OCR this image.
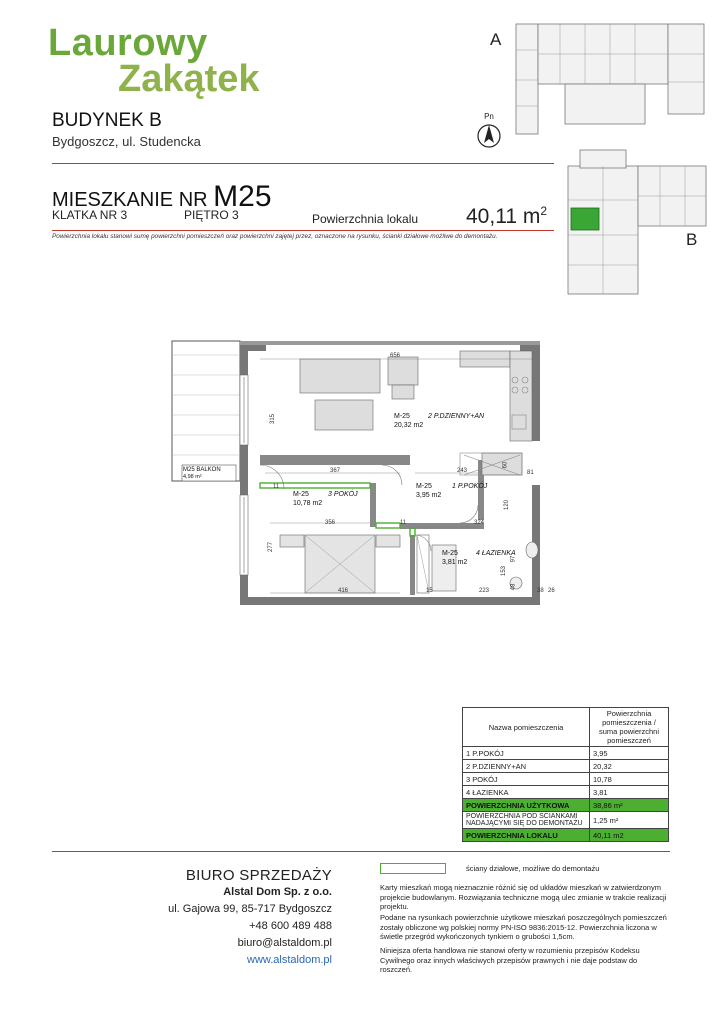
Laurowy
Zakątek
BUDYNEK B
Bydgoszcz, ul. Studencka
Pn
A
B
MIESZKANIE NR M25
KLATKA NR 3	PIĘTRO 3	Powierzchnia lokalu 40,11 $m^2$
Powierzchnia lokalu stanowi sumę powierzchni pomieszczeń oraz powierzchni zajętej przez, oznaczone na rysunku, ścianki działowe możliwe do demontażu.
M25 BALKON
4,98 m²
M-25	2 P.DZIENNY+AN
20,32 m2
M-25	1 P.POKÓJ
3,95 m2
M-25	3 POKÓJ
10,78 m2
M-25	4 ŁAZIENKA
3,81 m2
656
315
367	243
60
81
11
11
356
277
324
120
153
97
48
416	15	223	38 26
Nazwa pomieszczenia	Powierzchnia pomieszczenia / suma powierzchni pomieszczeń
1 P.POKÓJ	3,95
2 P.DZIENNY+AN	20,32
3 POKÓJ	10,78
4 ŁAZIENKA	3,81
POWIERZCHNIA UŻYTKOWA	38,86 m²
POWIERZCHNIA POD ŚCIANKAMI NADAJĄCYMI SIĘ DO DEMONTAŻU	1,25 m²
POWIERZCHNIA LOKALU	40,11 m2
BIURO SPRZEDAŻY
Alstal Dom Sp. z o.o.
ul. Gajowa 99, 85-717 Bydgoszcz
+48 600 489 488
biuro@alstaldom.pl
www.alstaldom.pl
ściany działowe, możliwe do demontażu
Karty mieszkań mogą nieznacznie różnić się od układów mieszkań w zatwierdzonym projekcie budowlanym. Rozwiązania techniczne mogą ulec zmianie w trakcie realizacji projektu.
Podane na rysunkach powierzchnie użytkowe mieszkań poszczególnych pomieszczeń zostały obliczone wg polskiej normy PN-ISO 9836:2015-12. Powierzchnia liczona w świetle przegród wykończonych tynkiem o grubości 1,5cm.
Niniejsza oferta handlowa nie stanowi oferty w rozumieniu przepisów Kodeksu Cywilnego oraz innych właściwych przepisów prawnych i nie daje podstaw do roszczeń.
